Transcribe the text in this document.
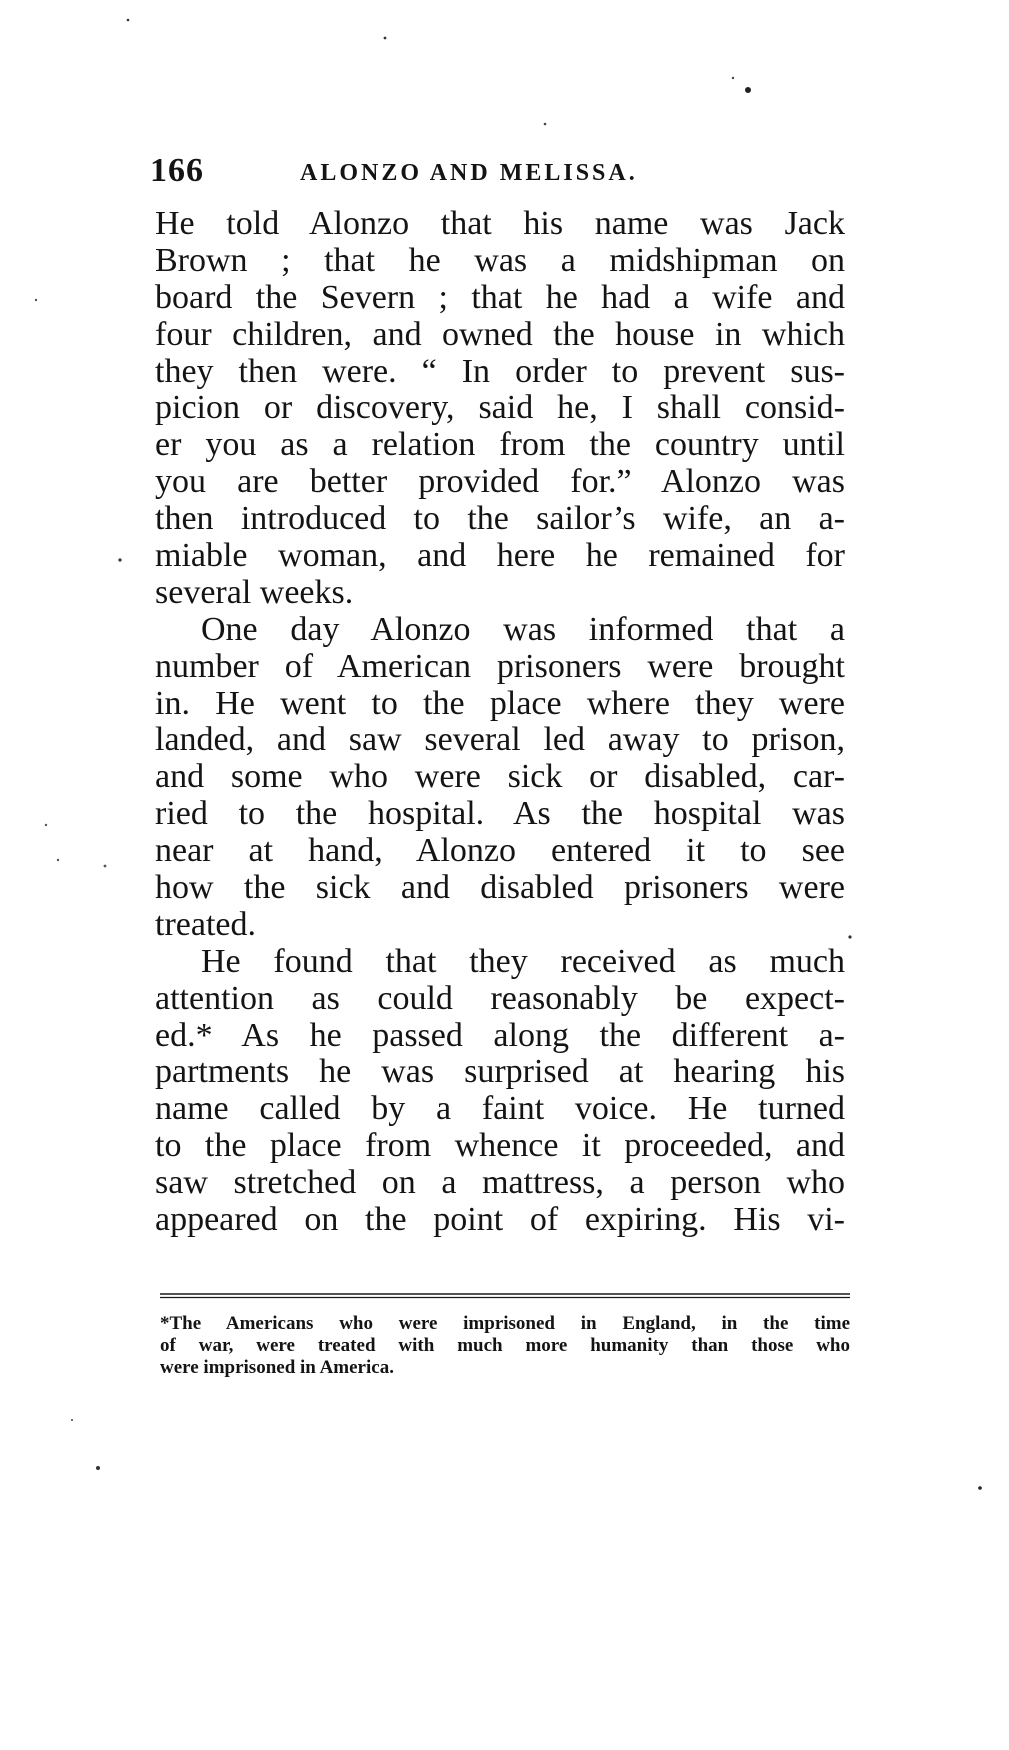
166	ALONZO AND MELISSA.
He told Alonzo that his name was Jack
Brown ; that he was a midshipman on
board the Severn ; that he had a wife and
four children, and owned the house in which
they then were. “ In order to prevent sus-
picion or discovery, said he, I shall consid-
er you as a relation from the country until
you are better provided for.” Alonzo was
then introduced to the sailor’s wife, an a-
miable woman, and here he remained for
several weeks.
One day Alonzo was informed that a
number of American prisoners were brought
in. He went to the place where they were
landed, and saw several led away to prison,
and some who were sick or disabled, car-
ried to the hospital. As the hospital was
near at hand, Alonzo entered it to see
how the sick and disabled prisoners were
treated.
He found that they received as much
attention as could reasonably be expect-
ed.* As he passed along the different a-
partments he was surprised at hearing his
name called by a faint voice. He turned
to the place from whence it proceeded, and
saw stretched on a mattress, a person who
appeared on the point of expiring. His vi-
*The Americans who were imprisoned in England, in the time
of war, were treated with much more humanity than those who
were imprisoned in America.
